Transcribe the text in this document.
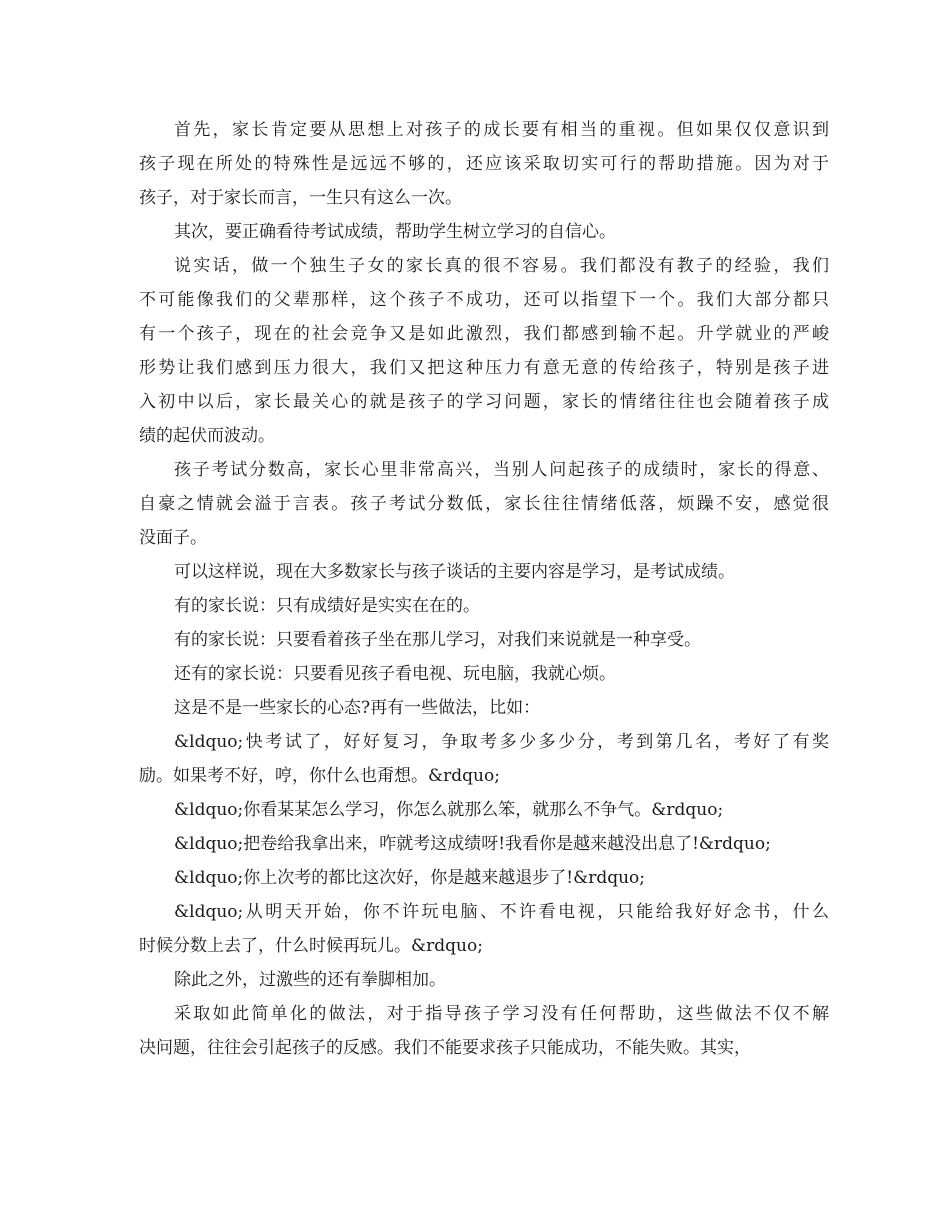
首先，家长肯定要从思想上对孩子的成长要有相当的重视。但如果仅仅意识到
孩子现在所处的特殊性是远远不够的，还应该采取切实可行的帮助措施。因为对于
孩子，对于家长而言，一生只有这么一次。
其次，要正确看待考试成绩，帮助学生树立学习的自信心。
说实话，做一个独生子女的家长真的很不容易。我们都没有教子的经验，我们
不可能像我们的父辈那样，这个孩子不成功，还可以指望下一个。我们大部分都只
有一个孩子，现在的社会竞争又是如此激烈，我们都感到输不起。升学就业的严峻
形势让我们感到压力很大，我们又把这种压力有意无意的传给孩子，特别是孩子进
入初中以后，家长最关心的就是孩子的学习问题，家长的情绪往往也会随着孩子成
绩的起伏而波动。
孩子考试分数高，家长心里非常高兴，当别人问起孩子的成绩时，家长的得意、
自豪之情就会溢于言表。孩子考试分数低，家长往往情绪低落，烦躁不安，感觉很
没面子。
可以这样说，现在大多数家长与孩子谈话的主要内容是学习，是考试成绩。
有的家长说：只有成绩好是实实在在的。
有的家长说：只要看着孩子坐在那儿学习，对我们来说就是一种享受。
还有的家长说：只要看见孩子看电视、玩电脑，我就心烦。
这是不是一些家长的心态?再有一些做法，比如：
&ldquo;快考试了，好好复习，争取考多少多少分，考到第几名，考好了有奖
励。如果考不好，哼，你什么也甭想。&rdquo;
&ldquo;你看某某怎么学习，你怎么就那么笨，就那么不争气。&rdquo;
&ldquo;把卷给我拿出来，咋就考这成绩呀!我看你是越来越没出息了!&rdquo;
&ldquo;你上次考的都比这次好，你是越来越退步了!&rdquo;
&ldquo;从明天开始，你不许玩电脑、不许看电视，只能给我好好念书，什么
时候分数上去了，什么时候再玩儿。&rdquo;
除此之外，过激些的还有拳脚相加。
采取如此简单化的做法，对于指导孩子学习没有任何帮助，这些做法不仅不解
决问题，往往会引起孩子的反感。我们不能要求孩子只能成功，不能失败。其实，
